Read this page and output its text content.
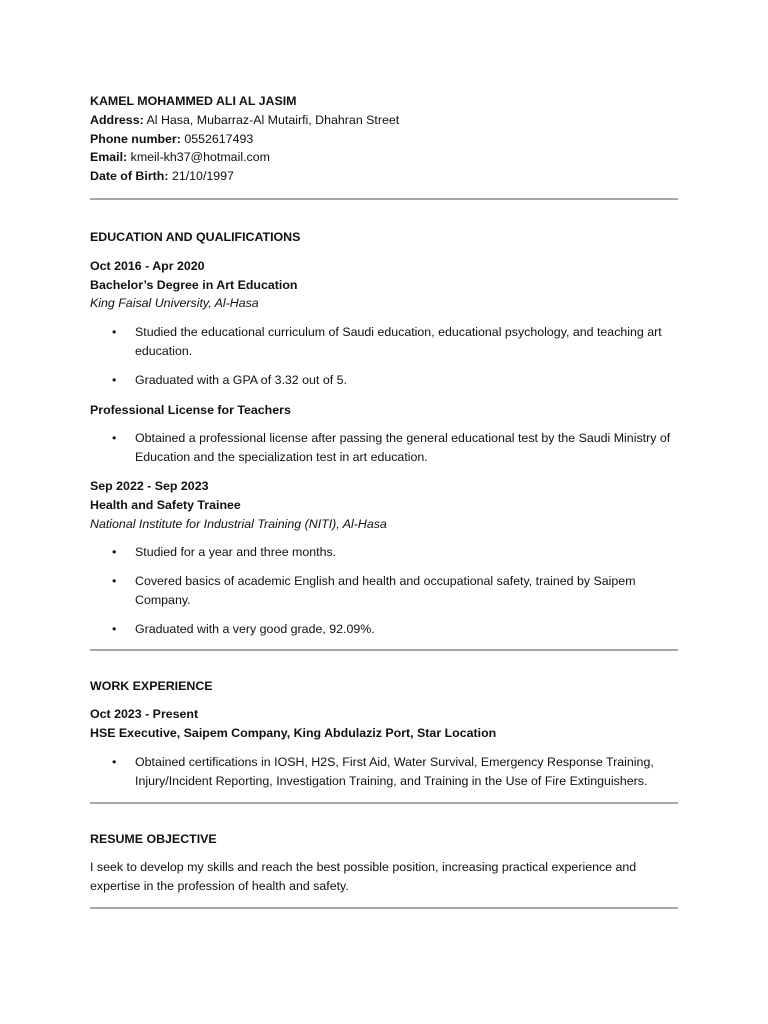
KAMEL MOHAMMED ALI AL JASIM

Address: Al Hasa, Mubarraz-Al Mutairfi, Dhahran Street

Phone number: 0552617493

Email: kmeil-kh37@hotmail.com

Date of Birth: 21/10/1997

EDUCATION AND QUALIFICATIONS

Oct 2016 - Apr 2020

Bachelor’s Degree in Art Education

King Faisal University, Al-Hasa

• Studied the educational curriculum of Saudi education, educational psychology, and teaching art education.
• Graduated with a GPA of 3.32 out of 5.

Professional License for Teachers

• Obtained a professional license after passing the general educational test by the Saudi Ministry of Education and the specialization test in art education.

Sep 2022 - Sep 2023

Health and Safety Trainee

National Institute for Industrial Training (NITI), Al-Hasa

• Studied for a year and three months.
• Covered basics of academic English and health and occupational safety, trained by Saipem Company.
• Graduated with a very good grade, 92.09%.

WORK EXPERIENCE

Oct 2023 - Present

HSE Executive, Saipem Company, King Abdulaziz Port, Star Location

• Obtained certifications in IOSH, H2S, First Aid, Water Survival, Emergency Response Training, Injury/Incident Reporting, Investigation Training, and Training in the Use of Fire Extinguishers.

RESUME OBJECTIVE

I seek to develop my skills and reach the best possible position, increasing practical experience and expertise in the profession of health and safety.
